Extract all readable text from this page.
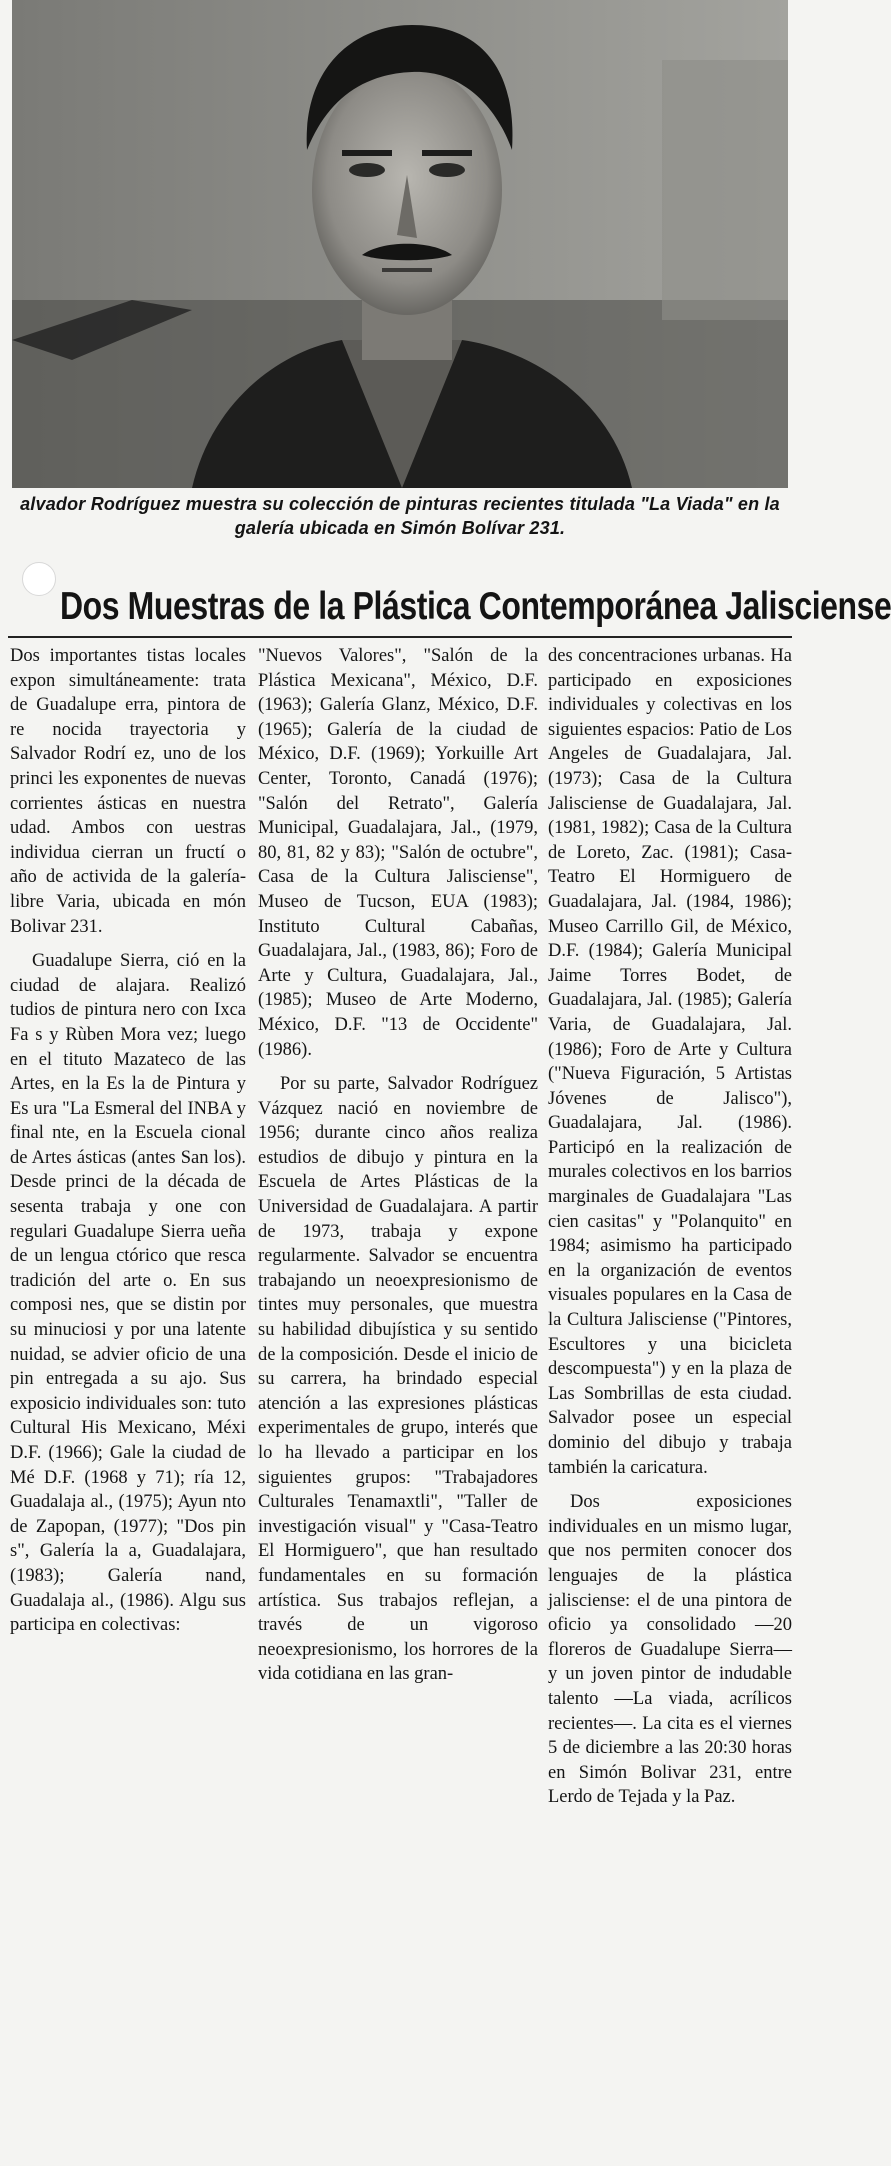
alvador Rodríguez muestra su colección de pinturas recientes titulada "La Viada" en la galería ubicada en Simón Bolívar 231.
Dos Muestras de la Plástica Contemporánea Jalisciense

Dos importantes tistas locales expon simultáneamente: trata de Guadalupe erra, pintora de re nocida trayectoria y Salvador Rodrí ez, uno de los princi les exponentes de nuevas corrientes ásticas en nuestra udad. Ambos con uestras individua cierran un fructí o año de activida de la galería-libre Varia, ubicada en món Bolivar 231.

Guadalupe Sierra, ció en la ciudad de alajara. Realizó tudios de pintura nero con Ixca Fa s y Rùben Mora vez; luego en el tituto Mazateco de las Artes, en la Es la de Pintura y Es ura "La Esmeral del INBA y final nte, en la Escuela cional de Artes ásticas (antes San los). Desde princi de la década de sesenta trabaja y one con regulari Guadalupe Sierra ueña de un lengua ctórico que resca tradición del arte o. En sus composi nes, que se distin por su minuciosi y por una latente nuidad, se advier oficio de una pin entregada a su ajo. Sus exposicio individuales son: tuto Cultural His Mexicano, Méxi D.F. (1966); Gale la ciudad de Mé D.F. (1968 y 71); ría 12, Guadalaja al., (1975); Ayun nto de Zapopan, (1977); "Dos pin s", Galería la a, Guadalajara, (1983); Galería nand, Guadalaja al., (1986). Algu sus participa en colectivas:

"Nuevos Valores", "Salón de la Plástica Mexicana", México, D.F. (1963); Galería Glanz, México, D.F. (1965); Galería de la ciudad de México, D.F. (1969); Yorkuille Art Center, Toronto, Canadá (1976); "Salón del Retrato", Galería Municipal, Guadalajara, Jal., (1979, 80, 81, 82 y 83); "Salón de octubre", Casa de la Cultura Jalisciense", Museo de Tucson, EUA (1983); Instituto Cultural Cabañas, Guadalajara, Jal., (1983, 86); Foro de Arte y Cultura, Guadalajara, Jal., (1985); Museo de Arte Moderno, México, D.F. "13 de Occidente" (1986).

Por su parte, Salvador Rodríguez Vázquez nació en noviembre de 1956; durante cinco años realiza estudios de dibujo y pintura en la Escuela de Artes Plásticas de la Universidad de Guadalajara. A partir de 1973, trabaja y expone regularmente. Salvador se encuentra trabajando un neoexpresionismo de tintes muy personales, que muestra su habilidad dibujística y su sentido de la composición. Desde el inicio de su carrera, ha brindado especial atención a las expresiones plásticas experimentales de grupo, interés que lo ha llevado a participar en los siguientes grupos: "Trabajadores Culturales Tenamaxtli", "Taller de investigación visual" y "Casa-Teatro El Hormiguero", que han resultado fundamentales en su formación artística. Sus trabajos reflejan, a través de un vigoroso neoexpresionismo, los horrores de la vida cotidiana en las gran-

des concentraciones urbanas. Ha participado en exposiciones individuales y colectivas en los siguientes espacios: Patio de Los Angeles de Guadalajara, Jal. (1973); Casa de la Cultura Jalisciense de Guadalajara, Jal. (1981, 1982); Casa de la Cultura de Loreto, Zac. (1981); Casa-Teatro El Hormiguero de Guadalajara, Jal. (1984, 1986); Museo Carrillo Gil, de México, D.F. (1984); Galería Municipal Jaime Torres Bodet, de Guadalajara, Jal. (1985); Galería Varia, de Guadalajara, Jal. (1986); Foro de Arte y Cultura ("Nueva Figuración, 5 Artistas Jóvenes de Jalisco"), Guadalajara, Jal. (1986). Participó en la realización de murales colectivos en los barrios marginales de Guadalajara "Las cien casitas" y "Polanquito" en 1984; asimismo ha participado en la organización de eventos visuales populares en la Casa de la Cultura Jalisciense ("Pintores, Escultores y una bicicleta descompuesta") y en la plaza de Las Sombrillas de esta ciudad. Salvador posee un especial dominio del dibujo y trabaja también la caricatura.

Dos exposiciones individuales en un mismo lugar, que nos permiten conocer dos lenguajes de la plástica jalisciense: el de una pintora de oficio ya consolidado —20 floreros de Guadalupe Sierra— y un joven pintor de indudable talento —La viada, acrílicos recientes—. La cita es el viernes 5 de diciembre a las 20:30 horas en Simón Bolivar 231, entre Lerdo de Tejada y la Paz.
